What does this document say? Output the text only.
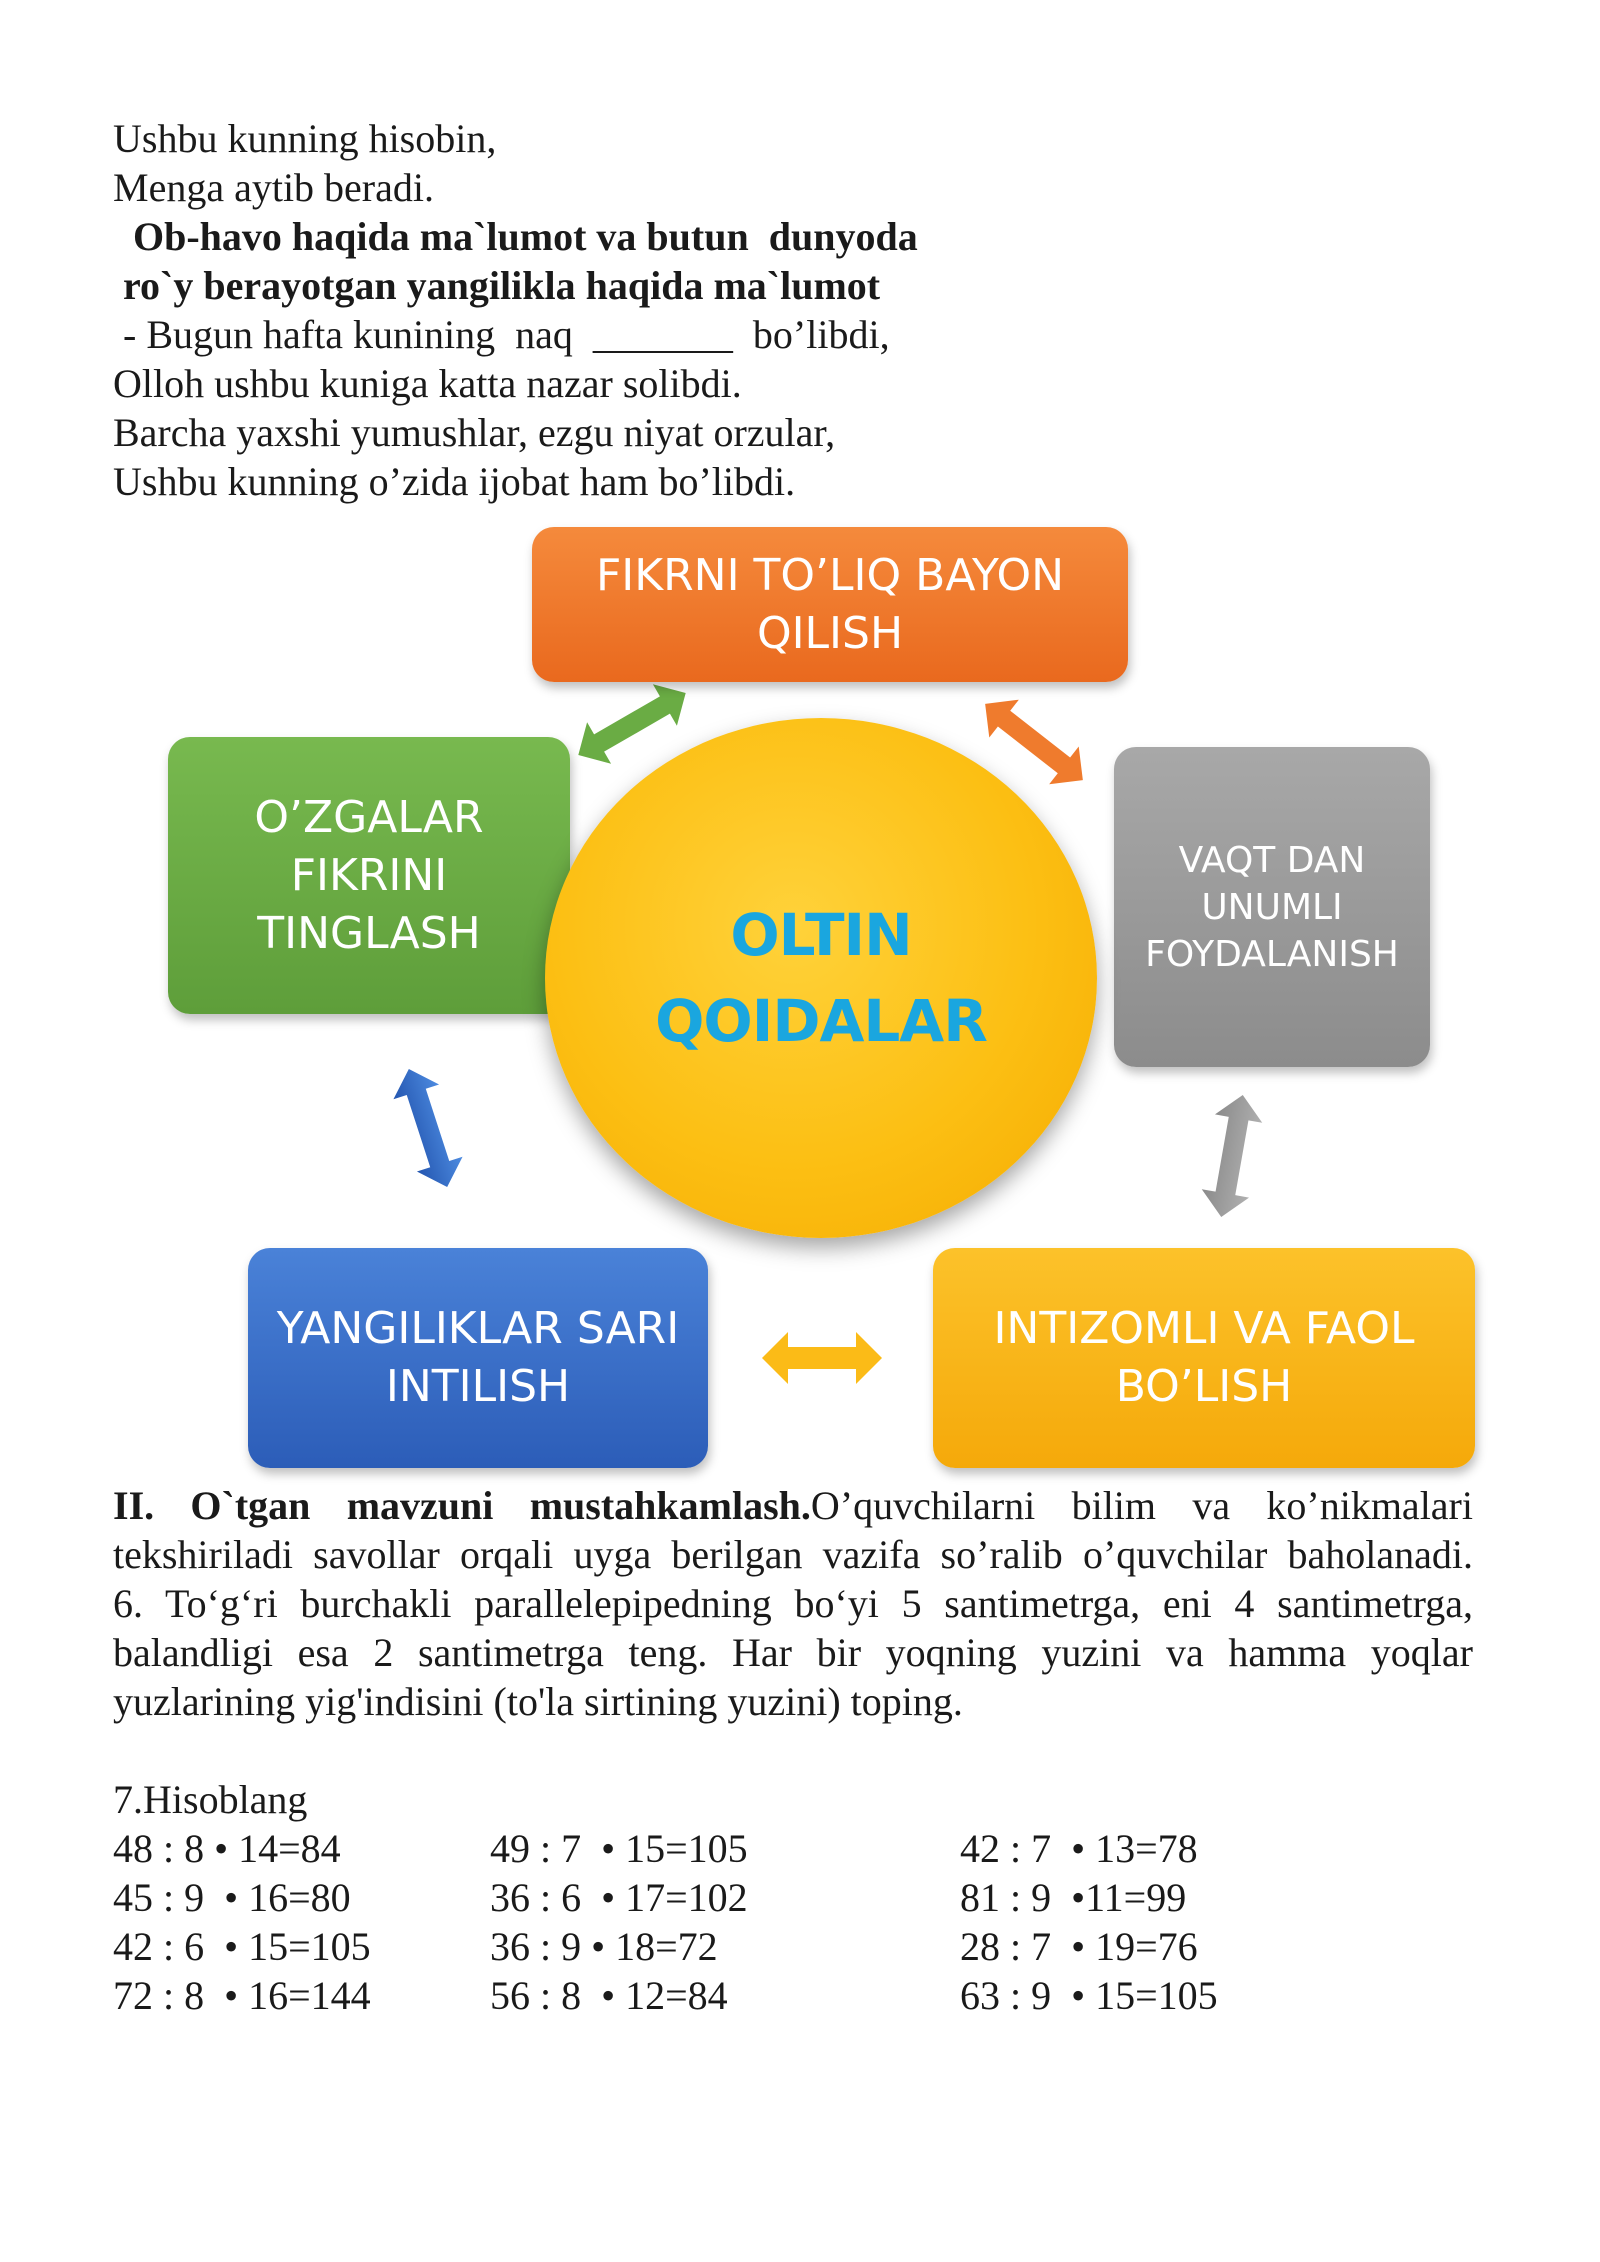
Ushbu kunning hisobin,
Menga aytib beradi.
Ob-havo haqida ma`lumot va butun  dunyoda
ro`y berayotgan yangilikla haqida ma`lumot
- Bugun hafta kunining  naq  _______  bo’libdi,
Olloh ushbu kuniga katta nazar solibdi.
Barcha yaxshi yumushlar, ezgu niyat orzular,
Ushbu kunning o’zida ijobat ham bo’libdi.
FIKRNI TO’LIQ BAYON
QILISH
O’ZGALAR
FIKRINI
TINGLASH
VAQT DAN
UNUMLI
FOYDALANISH
YANGILIKLAR SARI
INTILISH
INTIZOMLI VA FAOL
BO’LISH
OLTIN
QOIDALAR
II. O`tgan mavzuni mustahkamlash.O’quvchilarni bilim va ko’nikmalari
tekshiriladi savollar orqali uyga berilgan vazifa so’ralib o’quvchilar baholanadi.
6. To‘g‘ri burchakli parallelepipedning bo‘yi 5 santimetrga, eni 4 santimetrga,
balandligi esa 2 santimetrga teng. Har bir yoqning yuzini va hamma yoqlar
yuzlarining yig'indisini (to'la sirtining yuzini) toping.
7.Hisoblang
48 : 8 • 14=84
45 : 9  • 16=80
42 : 6  • 15=105
72 : 8  • 16=144
49 : 7  • 15=105
36 : 6  • 17=102
36 : 9 • 18=72
56 : 8  • 12=84
42 : 7  • 13=78
81 : 9  •11=99
28 : 7  • 19=76
63 : 9  • 15=105
